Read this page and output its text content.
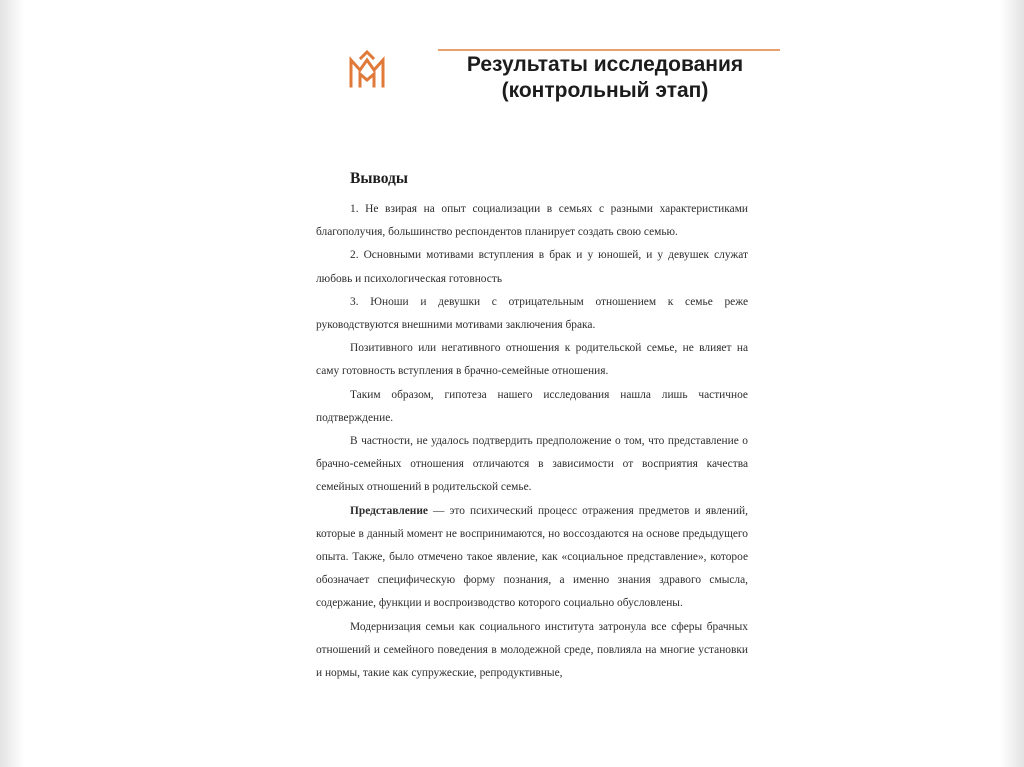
Результаты исследования
(контрольный этап)
Выводы

1. Не взирая на опыт социализации в семьях с разными характеристиками благополучия, большинство респондентов планирует создать свою семью.

2. Основными мотивами вступления в брак и у юношей, и у девушек служат любовь и психологическая готовность

3. Юноши и девушки с отрицательным отношением к семье реже руководствуются внешними мотивами заключения брака.

Позитивного или негативного отношения к родительской семье, не влияет на саму готовность вступления в брачно-семейные отношения.

Таким образом, гипотеза нашего исследования нашла лишь частичное подтверждение.

В частности, не удалось подтвердить предположение о том, что представление о брачно-семейных отношения отличаются в зависимости от восприятия качества семейных отношений в родительской семье.

Представление — это психический процесс отражения предметов и явлений, которые в данный момент не воспринимаются, но воссоздаются на основе предыдущего опыта. Также, было отмечено такое явление, как «социальное представление», которое обозначает специфическую форму познания, а именно знания здравого смысла, содержание, функции и воспроизводство которого социально обусловлены.

Модернизация семьи как социального института затронула все сферы брачных отношений и семейного поведения в молодежной среде, повлияла на многие установки и нормы, такие как супружеские, репродуктивные,
